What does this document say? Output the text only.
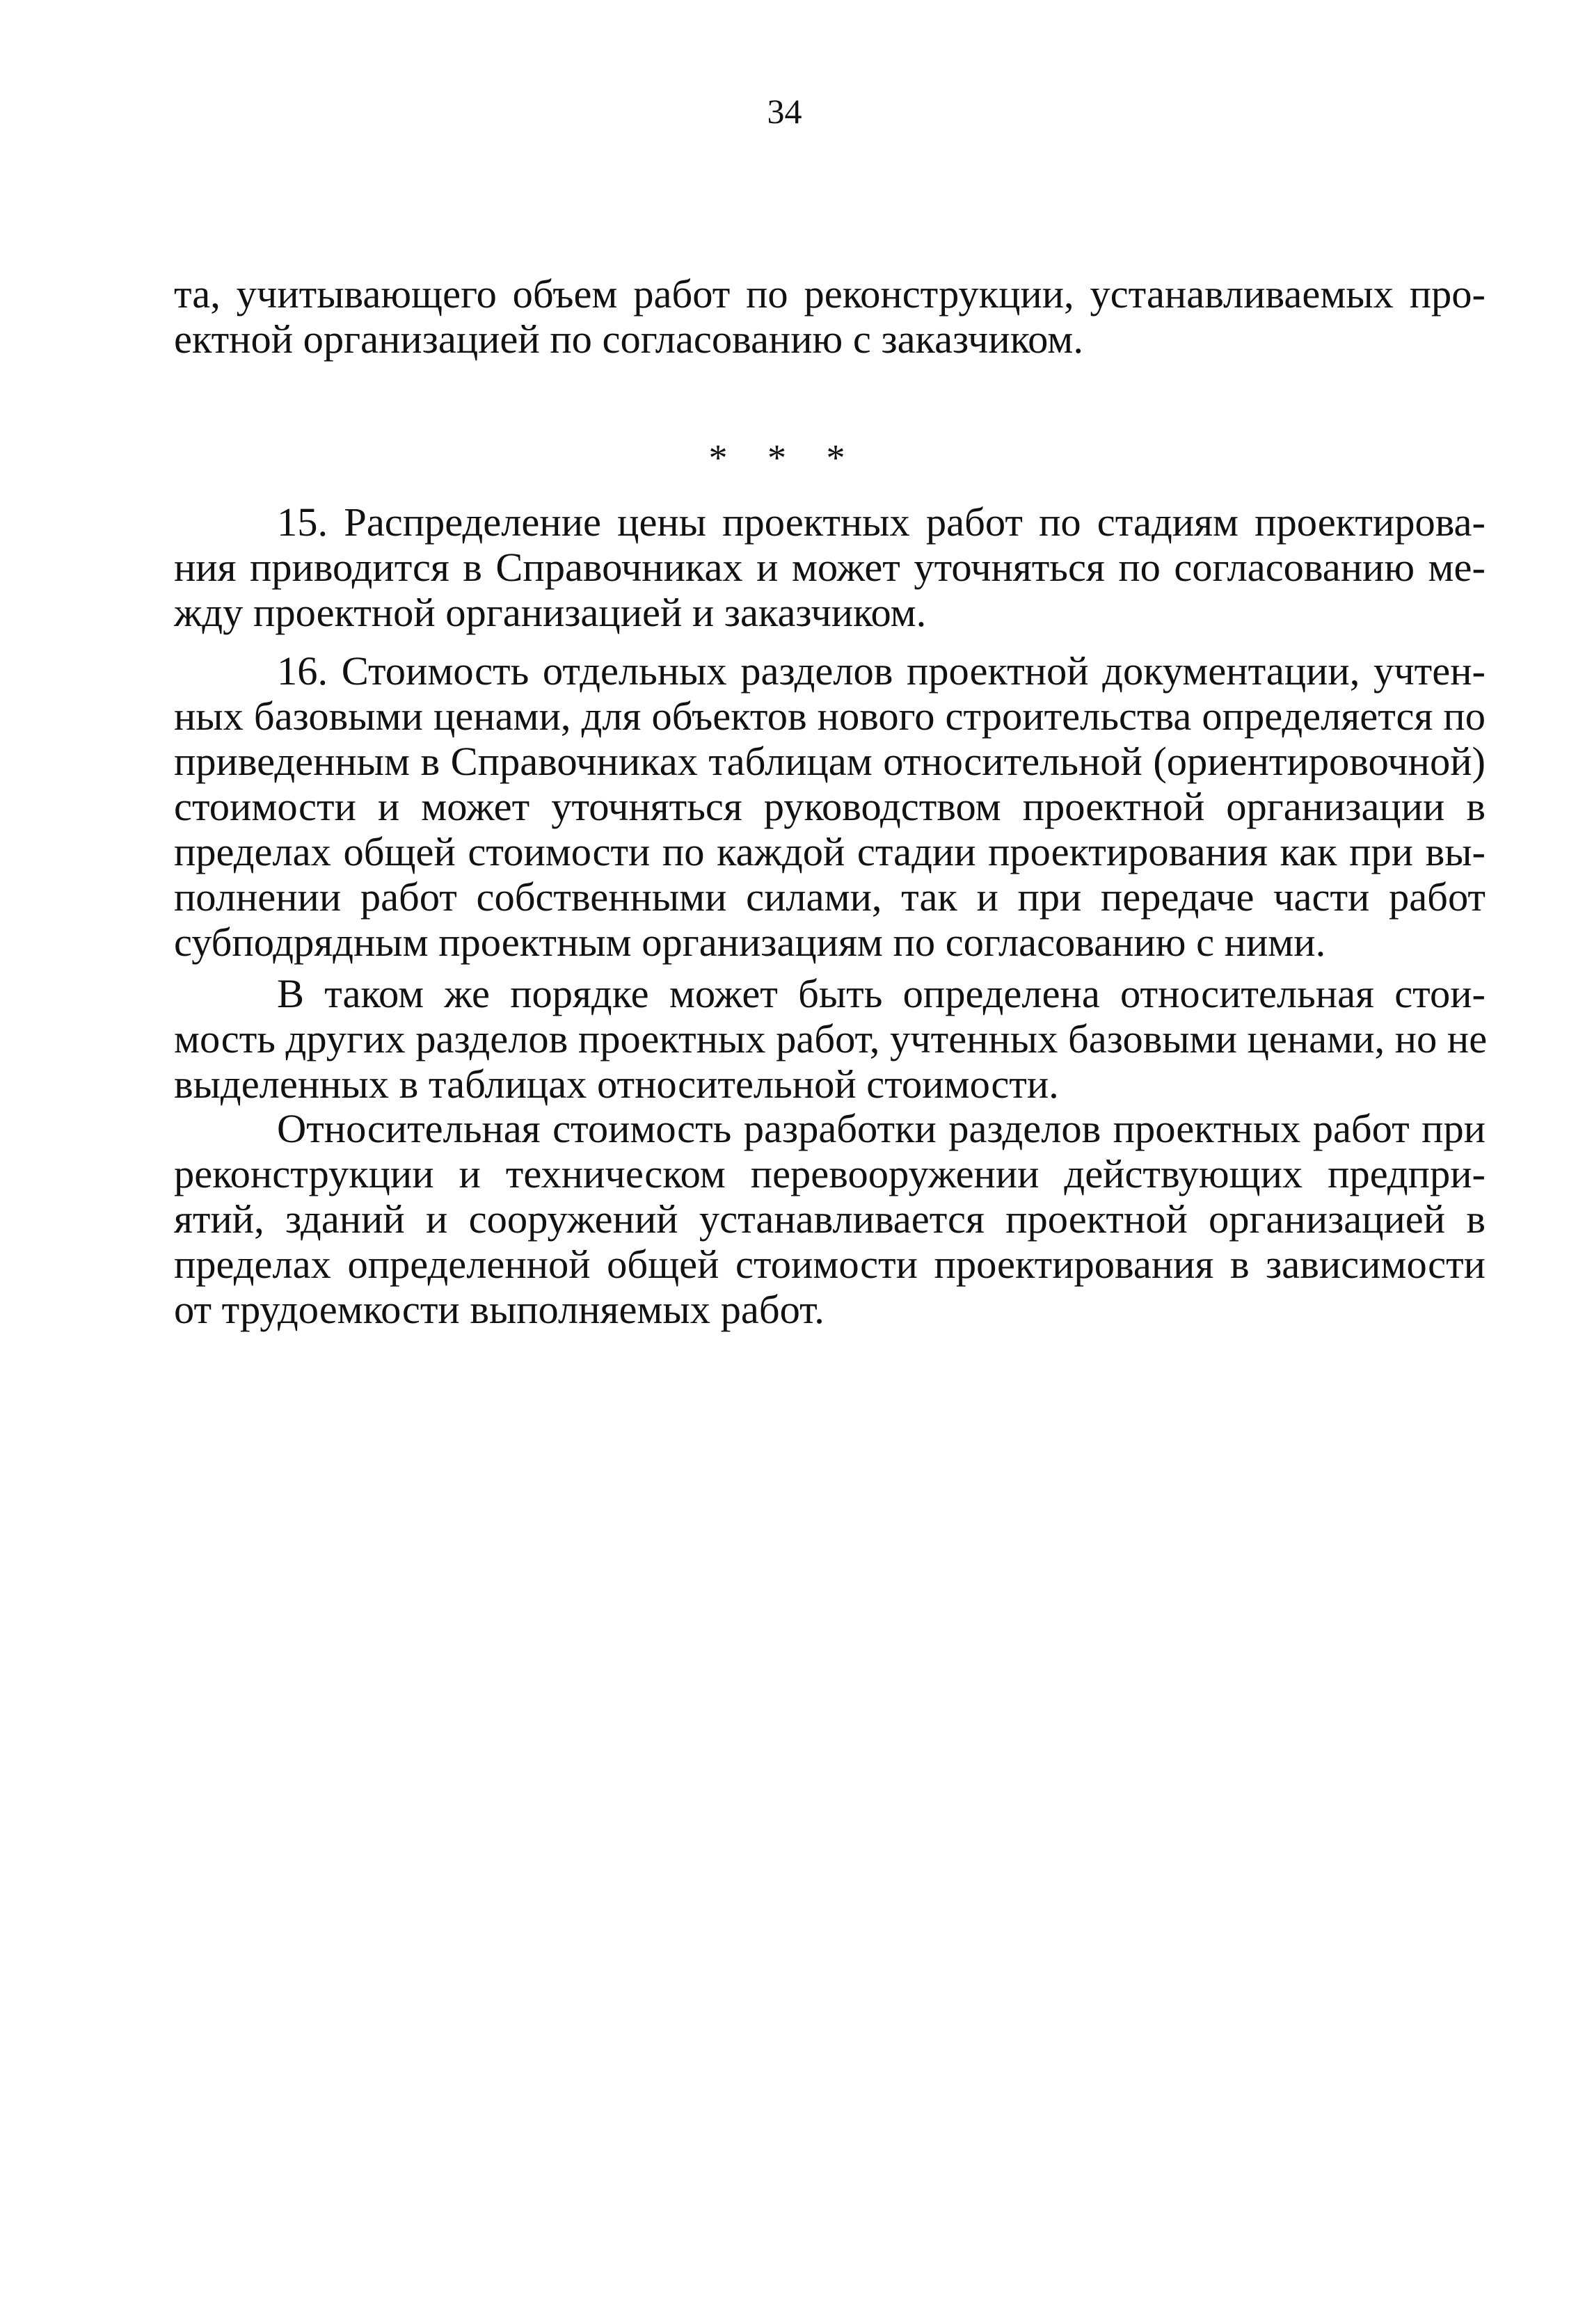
34
та, учитывающего объем работ по реконструкции, устанавливаемых про-
ектной организацией по согласованию с заказчиком.
* * *
15. Распределение цены проектных работ по стадиям проектирова-
ния приводится в Справочниках и может уточняться по согласованию ме-
жду проектной организацией и заказчиком.
16. Стоимость отдельных разделов проектной документации, учтен-
ных базовыми ценами, для объектов нового строительства определяется по
приведенным в Справочниках таблицам относительной (ориентировочной)
стоимости и может уточняться руководством проектной организации в
пределах общей стоимости по каждой стадии проектирования как при вы-
полнении работ собственными силами, так и при передаче части работ
субподрядным проектным организациям по согласованию с ними.
В таком же порядке может быть определена относительная стои-
мость других разделов проектных работ, учтенных базовыми ценами, но не
выделенных в таблицах относительной стоимости.
Относительная стоимость разработки разделов проектных работ при
реконструкции и техническом перевооружении действующих предпри-
ятий, зданий и сооружений устанавливается проектной организацией в
пределах определенной общей стоимости проектирования в зависимости
от трудоемкости выполняемых работ.
